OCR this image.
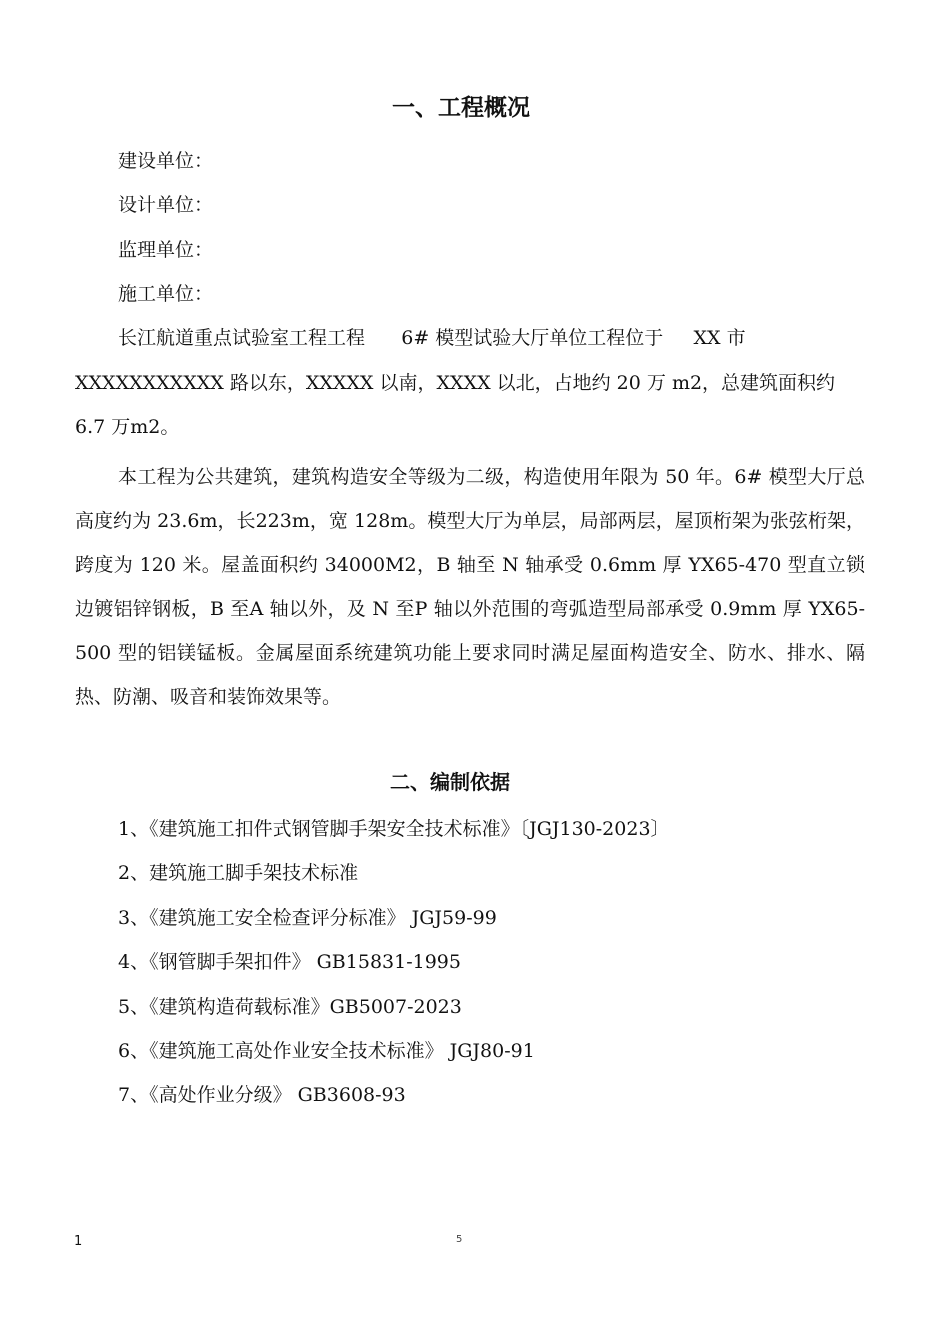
一、工程概况
建设单位：
设计单位：
监理单位：
施工单位：
长江航道重点试验室工程工程      6# 模型试验大厅单位工程位于     XX 市
XXXXXXXXXXX 路以东，XXXXX 以南，XXXX 以北，占地约 20 万 m2，总建筑面积约
6.7 万m2。
本工程为公共建筑，建筑构造安全等级为二级，构造使用年限为 50 年。6# 模型大厅总高度约为 23.6m，长223m，宽 128m。模型大厅为单层，局部两层，屋顶桁架为张弦桁架，跨度为 120 米。屋盖面积约 34000M2，B 轴至 N 轴承受 0.6mm 厚 YX65-470 型直立锁边镀铝锌钢板，B 至A 轴以外，及 N 至P 轴以外范围的弯弧造型局部承受 0.9mm 厚 YX65-500 型的铝镁锰板。金属屋面系统建筑功能上要求同时满足屋面构造安全、防水、排水、隔热、防潮、吸音和装饰效果等。
二、编制依据
1、《建筑施工扣件式钢管脚手架安全技术标准》〔JGJ130-2023〕
2、建筑施工脚手架技术标准
3、《建筑施工安全检查评分标准》 JGJ59-99
4、《钢管脚手架扣件》 GB15831-1995
5、《建筑构造荷载标准》GB5007-2023
6、《建筑施工高处作业安全技术标准》 JGJ80-91
7、《高处作业分级》 GB3608-93
1	5
